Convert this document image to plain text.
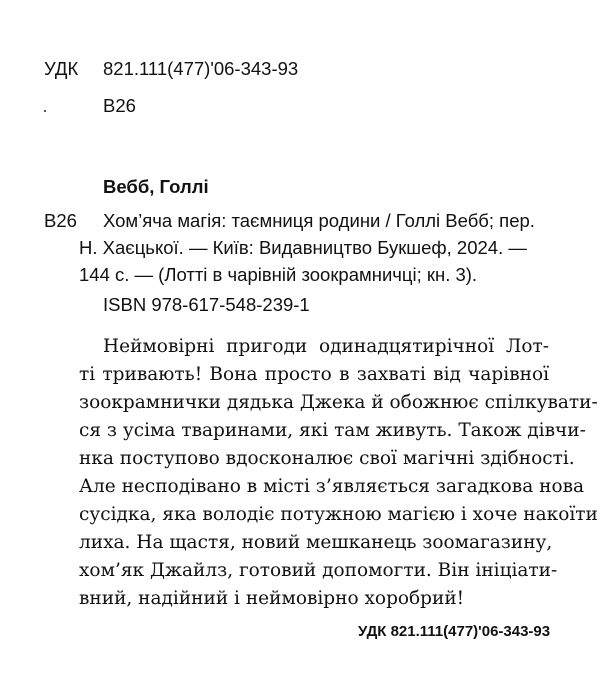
УДК 821.111(477)'06-343-93
В26
Вебб, Голлі
В26 Хом’яча магія: таємниця родини / Голлі Вебб; пер.
Н. Хаєцької. — Київ: Видавництво Букшеф, 2024. —
144 с. — (Лотті в чарівній зоокрамничці; кн. 3).
ISBN 978-617-548-239-1
Неймовірні пригоди одинадцятирічної Лот-
ті тривають! Вона просто в захваті від чарівної
зоокрамнички дядька Джека й обожнює спілкувати-
ся з усіма тваринами, які там живуть. Також дівчи-
нка поступово вдосконалює свої магічні здібності.
Але несподівано в місті з’являється загадкова нова
сусідка, яка володіє потужною магією і хоче накоїти
лиха. На щастя, новий мешканець зоомагазину,
хом’як Джайлз, готовий допомогти. Він ініціати-
вний, надійний і неймовірно хоробрий!
УДК 821.111(477)'06-343-93
